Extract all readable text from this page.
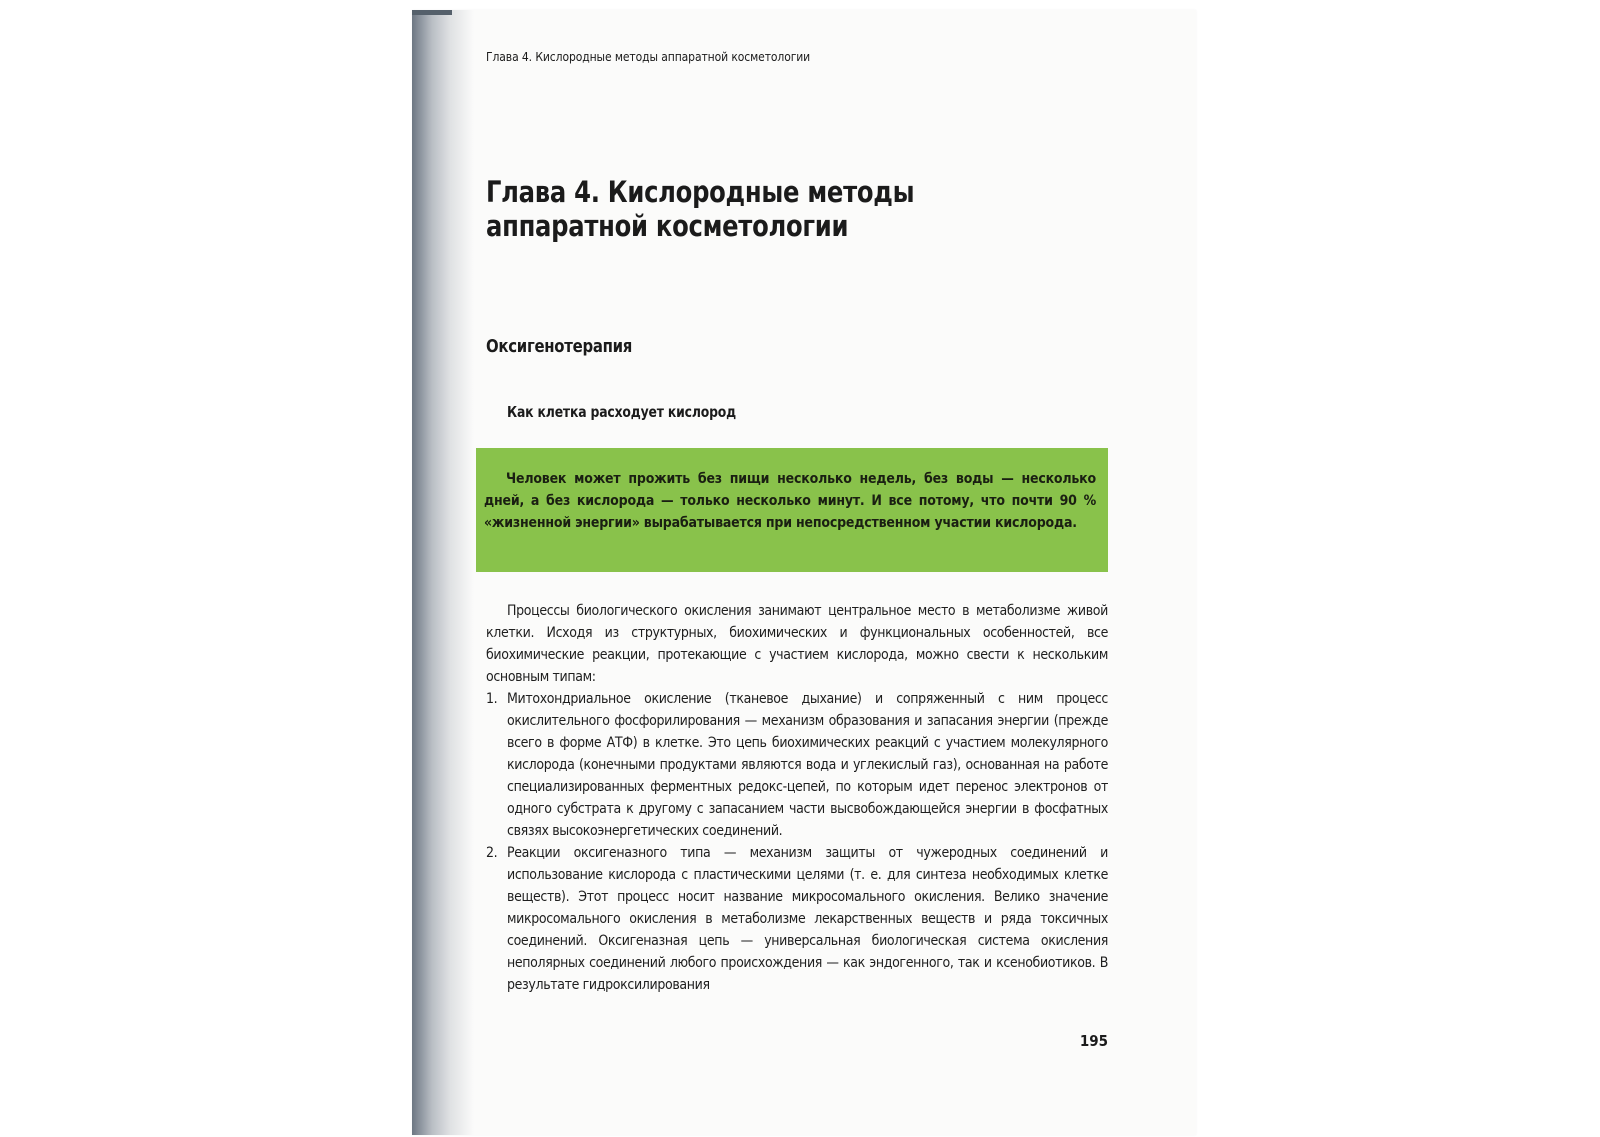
Глава 4. Кислородные методы аппаратной косметологии
Глава 4. Кислородные методы аппаратной косметологии
Оксигенотерапия
Как клетка расходует кислород

Человек может прожить без пищи несколько недель, без воды — несколько дней, а без кислорода — только несколько минут. И все потому, что почти 90 % «жизненной энергии» вырабатывается при непосредственном участии кислорода.

Процессы биологического окисления занимают центральное место в метаболизме живой клетки. Исходя из структурных, биохимических и функциональных особенностей, все биохимические реакции, протекающие с участием кислорода, можно свести к нескольким основным типам:

1. Митохондриальное окисление (тканевое дыхание) и сопряженный с ним процесс окислительного фосфорилирования — механизм образования и запасания энергии (прежде всего в форме АТФ) в клетке. Это цепь биохимических реакций с участием молекулярного кислорода (конечными продуктами являются вода и углекислый газ), основанная на работе специализированных ферментных редокс-цепей, по которым идет перенос электронов от одного субстрата к другому с запасанием части высвобождающейся энергии в фосфатных связях высокоэнергетических соединений.
2. Реакции оксигеназного типа — механизм защиты от чужеродных соединений и использование кислорода с пластическими целями (т. е. для синтеза необходимых клетке веществ). Этот процесс носит название микросомального окисления. Велико значение микросомального окисления в метаболизме лекарственных веществ и ряда токсичных соединений. Оксигеназная цепь — универсальная биологическая система окисления неполярных соединений любого происхождения — как эндогенного, так и ксенобиотиков. В результате гидроксилирования
195
